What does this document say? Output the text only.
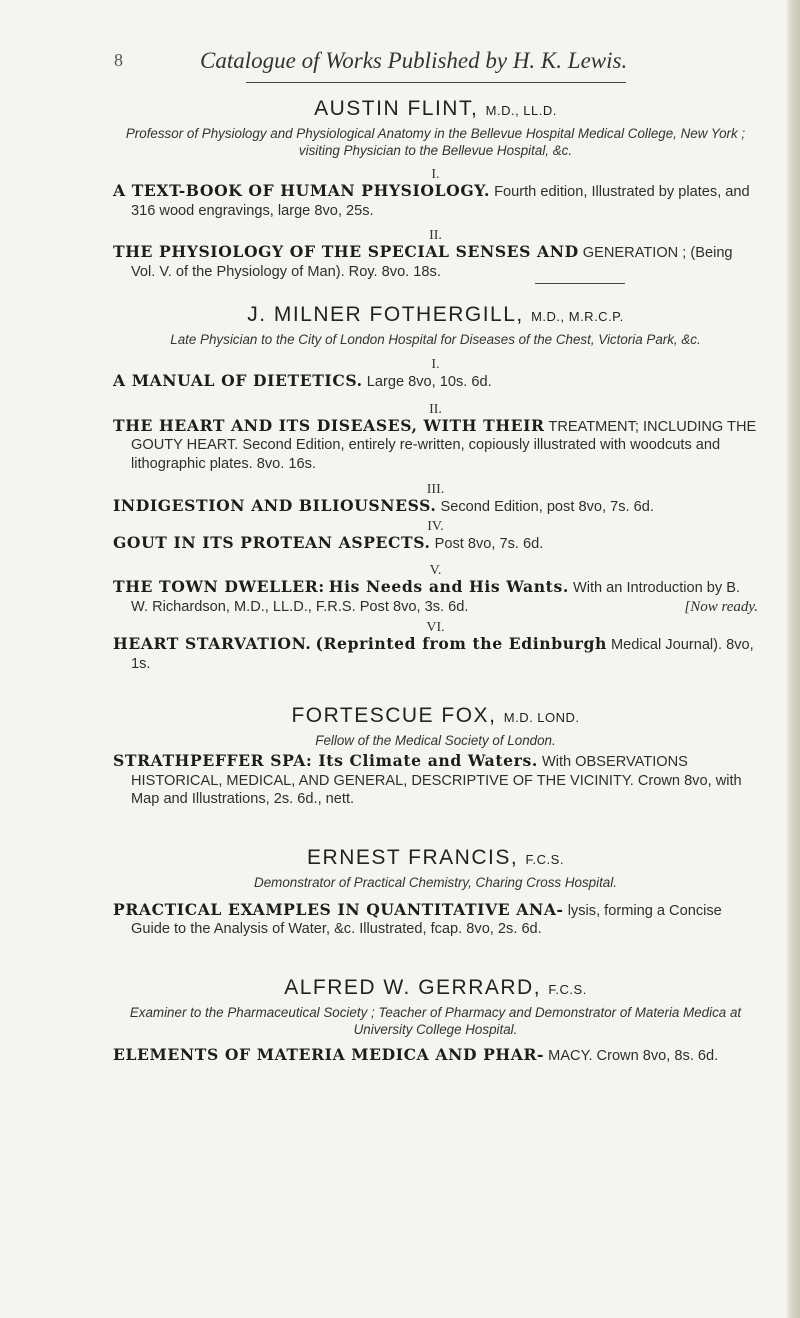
8	Catalogue of Works Published by H. K. Lewis.

AUSTIN FLINT, M.D., LL.D.

Professor of Physiology and Physiological Anatomy in the Bellevue Hospital Medical College, New York ; visiting Physician to the Bellevue Hospital, &c.

I.

A TEXT-BOOK OF HUMAN PHYSIOLOGY. Fourth edition, Illustrated by plates, and 316 wood engravings, large 8vo, 25s.

II.

THE PHYSIOLOGY OF THE SPECIAL SENSES AND GENERATION ; (Being Vol. V. of the Physiology of Man). Roy. 8vo. 18s.

J. MILNER FOTHERGILL, M.D., M.R.C.P.

Late Physician to the City of London Hospital for Diseases of the Chest, Victoria Park, &c.

I.

A MANUAL OF DIETETICS. Large 8vo, 10s. 6d.

II.

THE HEART AND ITS DISEASES, WITH THEIR TREATMENT; INCLUDING THE GOUTY HEART. Second Edition, entirely re-written, copiously illustrated with woodcuts and lithographic plates. 8vo. 16s.

III.

INDIGESTION AND BILIOUSNESS. Second Edition, post 8vo, 7s. 6d.

IV.

GOUT IN ITS PROTEAN ASPECTS. Post 8vo, 7s. 6d.

V.

THE TOWN DWELLER: His Needs and His Wants. With an Introduction by B. W. Richardson, M.D., LL.D., F.R.S. Post 8vo, 3s. 6d.	[Now ready.

VI.

HEART STARVATION. (Reprinted from the Edinburgh Medical Journal). 8vo, 1s.

FORTESCUE FOX, M.D. LOND.

Fellow of the Medical Society of London.

STRATHPEFFER SPA: Its Climate and Waters. With OBSERVATIONS HISTORICAL, MEDICAL, AND GENERAL, DESCRIPTIVE OF THE VICINITY. Crown 8vo, with Map and Illustrations, 2s. 6d., nett.

ERNEST FRANCIS, F.C.S.

Demonstrator of Practical Chemistry, Charing Cross Hospital.

PRACTICAL EXAMPLES IN QUANTITATIVE ANA- lysis, forming a Concise Guide to the Analysis of Water, &c. Illustrated, fcap. 8vo, 2s. 6d.

ALFRED W. GERRARD, F.C.S.

Examiner to the Pharmaceutical Society ; Teacher of Pharmacy and Demonstrator of Materia Medica at University College Hospital.

ELEMENTS OF MATERIA MEDICA AND PHAR- MACY. Crown 8vo, 8s. 6d.
